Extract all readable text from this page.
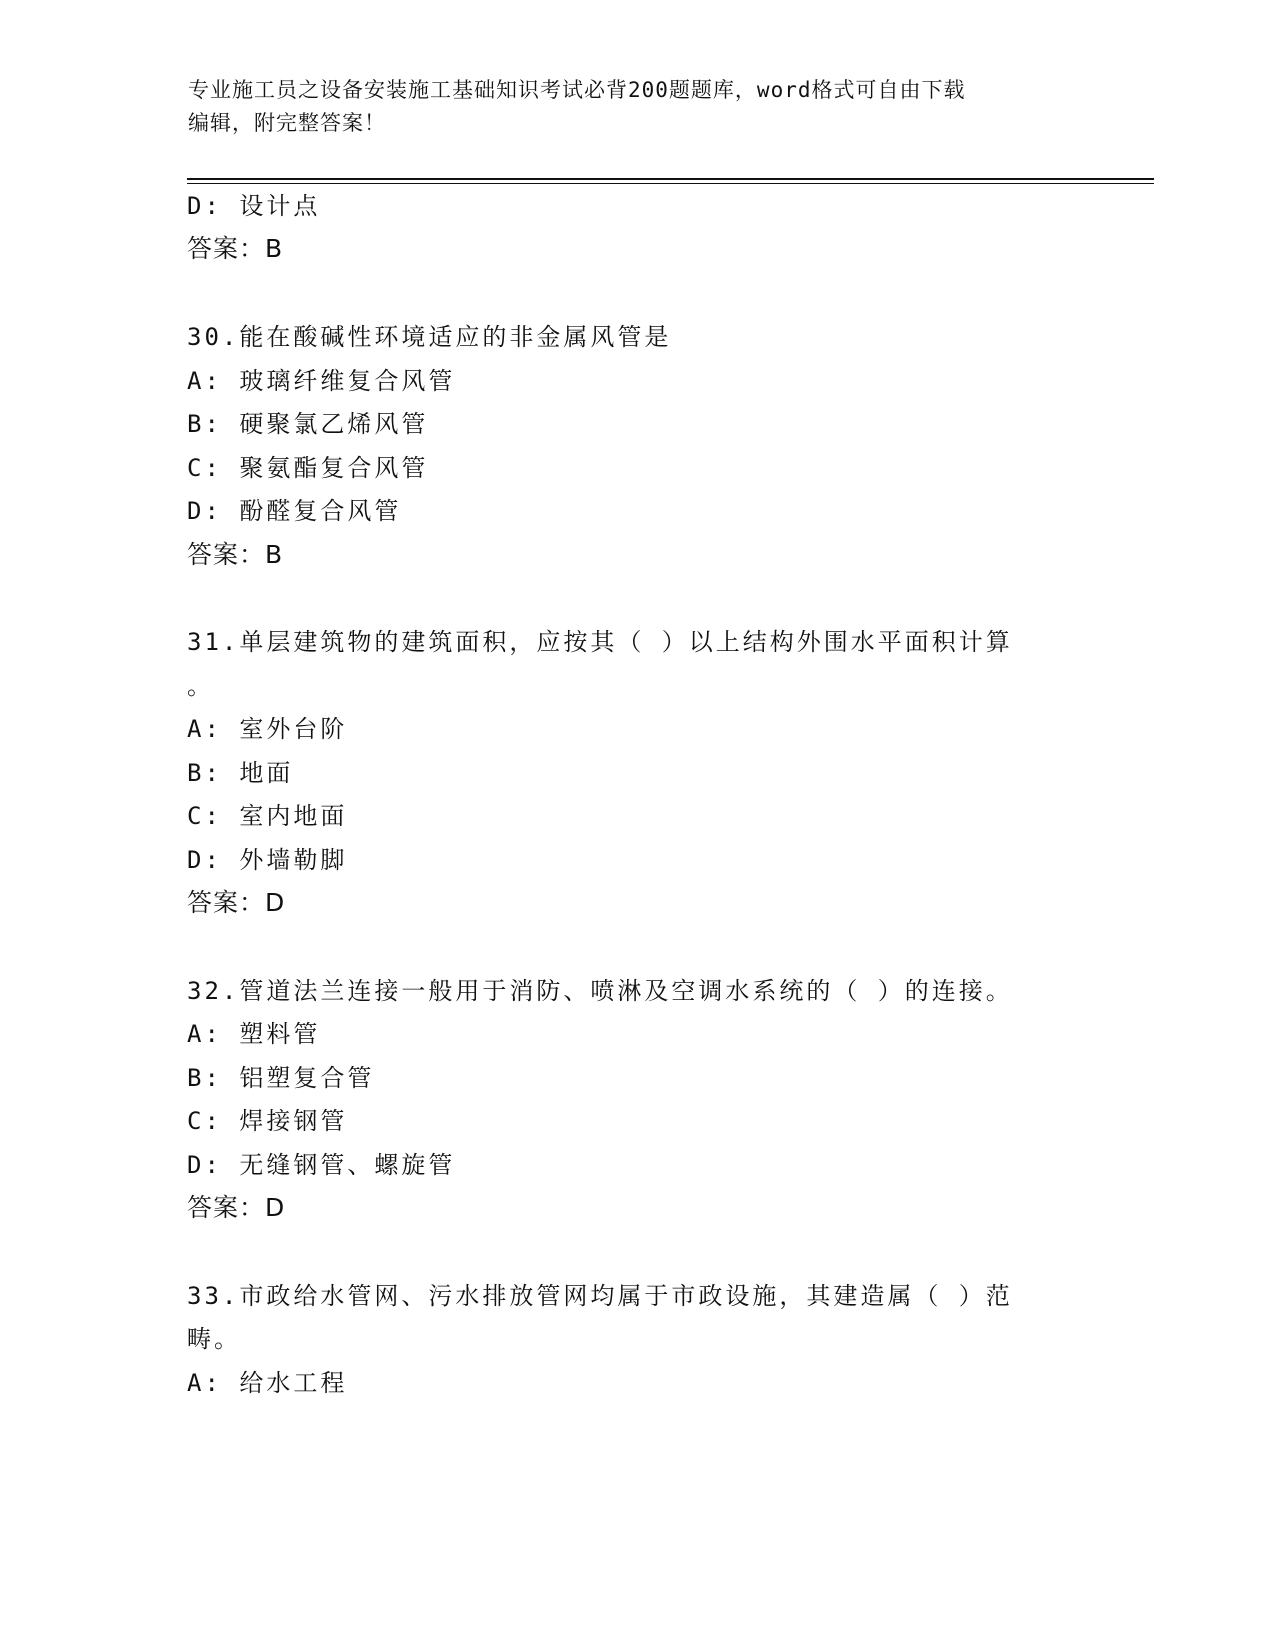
专业施工员之设备安装施工基础知识考试必背200题题库，word格式可自由下载
编辑，附完整答案！
D: 设计点
答案：B
30.能在酸碱性环境适应的非金属风管是
A: 玻璃纤维复合风管
B: 硬聚氯乙烯风管
C: 聚氨酯复合风管
D: 酚醛复合风管
答案：B
31.单层建筑物的建筑面积，应按其（ ）以上结构外围水平面积计算
。
A: 室外台阶
B: 地面
C: 室内地面
D: 外墙勒脚
答案：D
32.管道法兰连接一般用于消防、喷淋及空调水系统的（ ）的连接。
A: 塑料管
B: 铝塑复合管
C: 焊接钢管
D: 无缝钢管、螺旋管
答案：D
33.市政给水管网、污水排放管网均属于市政设施，其建造属（ ）范
畴。
A: 给水工程
